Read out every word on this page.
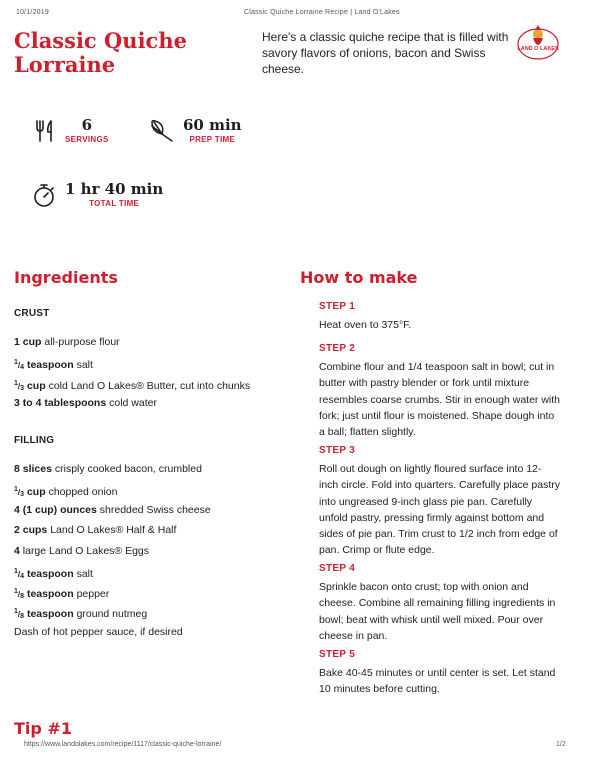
10/1/2019	Classic Quiche Lorraine Recipe | Land O'Lakes
Classic Quiche Lorraine
Here's a classic quiche recipe that is filled with savory flavors of onions, bacon and Swiss cheese.
LAND O LAKES
6
SERVINGS
60 min
PREP TIME
1 hr 40 min
TOTAL TIME
Ingredients
CRUST
1 cup all-purpose flour
$^1/_4$ teaspoon salt
$^1/_3$ cup cold Land O Lakes® Butter, cut into chunks
3 to 4 tablespoons cold water
FILLING
8 slices crisply cooked bacon, crumbled
$^1/_3$ cup chopped onion
4 (1 cup) ounces shredded Swiss cheese
2 cups Land O Lakes® Half & Half
4 large Land O Lakes® Eggs
$^1/_4$ teaspoon salt
$^1/_8$ teaspoon pepper
$^1/_8$ teaspoon ground nutmeg
Dash of hot pepper sauce, if desired
How to make
STEP 1
Heat oven to 375°F.
STEP 2
Combine flour and 1/4 teaspoon salt in bowl; cut in
butter with pastry blender or fork until mixture
resembles coarse crumbs. Stir in enough water with
fork; just until flour is moistened. Shape dough into
a ball; flatten slightly.
STEP 3
Roll out dough on lightly floured surface into 12-
inch circle. Fold into quarters. Carefully place pastry
into ungreased 9-inch glass pie pan. Carefully
unfold pastry, pressing firmly against bottom and
sides of pie pan. Trim crust to 1/2 inch from edge of
pan. Crimp or flute edge.
STEP 4
Sprinkle bacon onto crust; top with onion and
cheese. Combine all remaining filling ingredients in
bowl; beat with whisk until well mixed. Pour over
cheese in pan.
STEP 5
Bake 40-45 minutes or until center is set. Let stand
10 minutes before cutting.
Tip #1
https://www.landolakes.com/recipe/1117/classic-quiche-lorraine/	1/2
